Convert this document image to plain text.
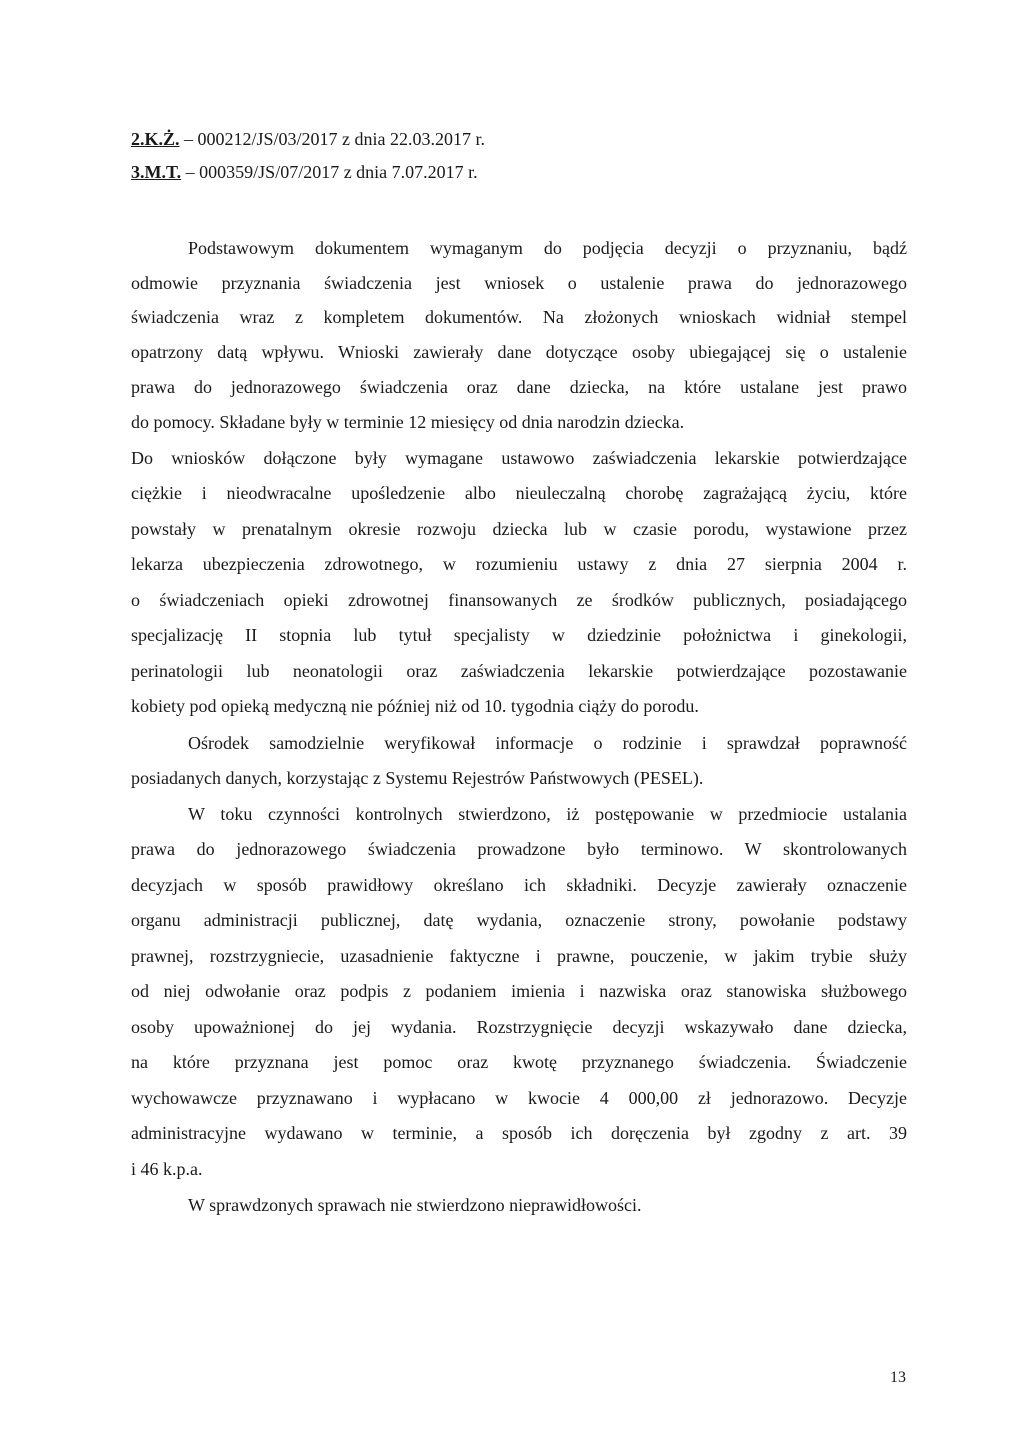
2.K.Ż. – 000212/JS/03/2017 z dnia 22.03.2017 r.
3.M.T. – 000359/JS/07/2017 z dnia 7.07.2017 r.
Podstawowym dokumentem wymaganym do podjęcia decyzji o przyznaniu, bądź
odmowie przyznania świadczenia jest wniosek o ustalenie prawa do jednorazowego
świadczenia wraz z kompletem dokumentów. Na złożonych wnioskach widniał stempel
opatrzony datą wpływu. Wnioski zawierały dane dotyczące osoby ubiegającej się o ustalenie
prawa do jednorazowego świadczenia oraz dane dziecka, na które ustalane jest prawo
do pomocy. Składane były w terminie 12 miesięcy od dnia narodzin dziecka.
Do wniosków dołączone były wymagane ustawowo zaświadczenia lekarskie potwierdzające
ciężkie i nieodwracalne upośledzenie albo nieuleczalną chorobę zagrażającą życiu, które
powstały w prenatalnym okresie rozwoju dziecka lub w czasie porodu, wystawione przez
lekarza ubezpieczenia zdrowotnego, w rozumieniu ustawy z dnia 27 sierpnia 2004 r.
o świadczeniach opieki zdrowotnej finansowanych ze środków publicznych, posiadającego
specjalizację II stopnia lub tytuł specjalisty w dziedzinie położnictwa i ginekologii,
perinatologii lub neonatologii oraz zaświadczenia lekarskie potwierdzające pozostawanie
kobiety pod opieką medyczną nie później niż od 10. tygodnia ciąży do porodu.
Ośrodek samodzielnie weryfikował informacje o rodzinie i sprawdzał poprawność
posiadanych danych, korzystając z Systemu Rejestrów Państwowych (PESEL).
W toku czynności kontrolnych stwierdzono, iż postępowanie w przedmiocie ustalania
prawa do jednorazowego świadczenia prowadzone było terminowo. W skontrolowanych
decyzjach w sposób prawidłowy określano ich składniki. Decyzje zawierały oznaczenie
organu administracji publicznej, datę wydania, oznaczenie strony, powołanie podstawy
prawnej, rozstrzygniecie, uzasadnienie faktyczne i prawne, pouczenie, w jakim trybie służy
od niej odwołanie oraz podpis z podaniem imienia i nazwiska oraz stanowiska służbowego
osoby upoważnionej do jej wydania. Rozstrzygnięcie decyzji wskazywało dane dziecka,
na które przyznana jest pomoc oraz kwotę przyznanego świadczenia. Świadczenie
wychowawcze przyznawano i wypłacano w kwocie 4 000,00 zł jednorazowo. Decyzje
administracyjne wydawano w terminie, a sposób ich doręczenia był zgodny z art. 39
i 46 k.p.a.
W sprawdzonych sprawach nie stwierdzono nieprawidłowości.
13
